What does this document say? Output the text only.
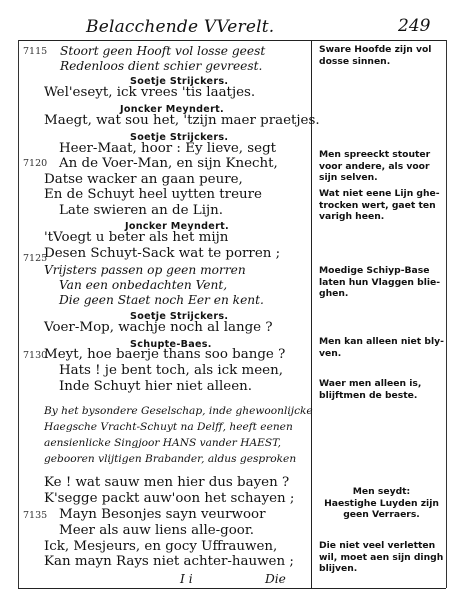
Belacchende VVerelt.	249
7115
7120
7125
7130
7135
Stoort geen Hooft vol losse geest
Redenloos dient schier gevreest.
Soetje Strijckers.
Wel'eseyt, ick vrees 'tis laatjes.
Joncker Meyndert.
Maegt, wat sou het, 'tzijn maer praetjes.
Soetje Strijckers.
Heer-Maat, hoor : Ey lieve, segt
An de Voer-Man, en sijn Knecht,
Datse wacker an gaan peure,
En de Schuyt heel uytten treure
Late swieren an de Lijn.
Joncker Meyndert.
'tVoegt u beter als het mijn
Desen Schuyt-Sack wat te porren ;
Vrijsters passen op geen morren
Van een onbedachten Vent,
Die geen Staet noch Eer en kent.
Soetje Strijckers.
Voer-Mop, wachje noch al lange ?
Schupte-Baes.
Meyt, hoe baerje thans soo bange ?
Hats ! je bent toch, als ick meen,
Inde Schuyt hier niet alleen.
By het bysondere Geselschap, inde ghewoonlijcke
Haegsche Vracht-Schuyt na Delff, heeft eenen
aensienlicke Singjoor HANS vander HAEST,
gebooren vlijtigen Brabander, aldus gesproken
Ke ! wat sauw men hier dus bayen ?
K'segge packt auw'oon het schayen ;
Mayn Besonjes sayn veurwoor
Meer als auw liens alle-goor.
Ick, Mesjeurs, en gocy Uffrauwen,
Kan mayn Rays niet achter-hauwen ;
I i	Die
Sware Hoofde zijn vol
dosse sinnen.
Men spreeckt stouter
voor andere, als voor
sijn selven.
Wat niet eene Lijn ghe-
trocken wert, gaet ten
varigh heen.
Moedige Schiyp-Base
laten hun Vlaggen blie-
ghen.
Men kan alleen niet bly-
ven.
Waer men alleen is,
blijftmen de beste.
Men seydt:
Haestighe Luyden zijn
geen Verraers.
Die niet veel verletten
wil, moet aen sijn dingh
blijven.
